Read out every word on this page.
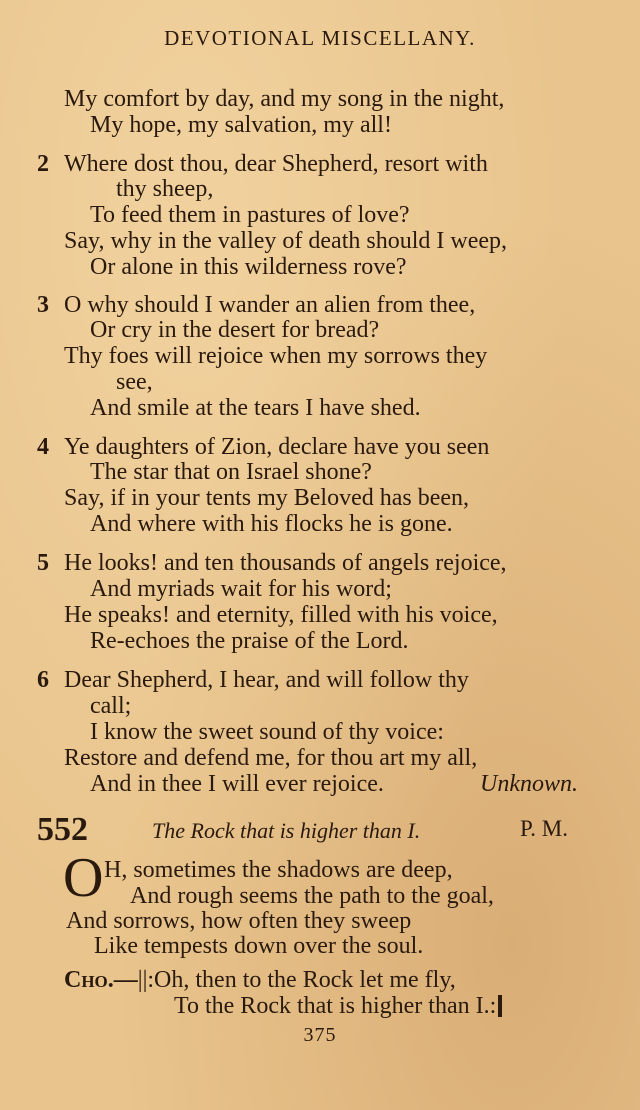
DEVOTIONAL MISCELLANY.
My comfort by day, and my song in the night,
My hope, my salvation, my all!
2 Where dost thou, dear Shepherd, resort with
thy sheep,
To feed them in pastures of love?
Say, why in the valley of death should I weep,
Or alone in this wilderness rove?
3 O why should I wander an alien from thee,
Or cry in the desert for bread?
Thy foes will rejoice when my sorrows they
see,
And smile at the tears I have shed.
4 Ye daughters of Zion, declare have you seen
The star that on Israel shone?
Say, if in your tents my Beloved has been,
And where with his flocks he is gone.
5 He looks! and ten thousands of angels rejoice,
And myriads wait for his word;
He speaks! and eternity, filled with his voice,
Re-echoes the praise of the Lord.
6 Dear Shepherd, I hear, and will follow thy
call;
I know the sweet sound of thy voice:
Restore and defend me, for thou art my all,
And in thee I will ever rejoice.	Unknown.
552	The Rock that is higher than I.	P. M.
O H, sometimes the shadows are deep,
And rough seems the path to the goal,
And sorrows, how often they sweep
Like tempests down over the soul.
Cho.—||:Oh, then to the Rock let me fly,
To the Rock that is higher than I.:
375
